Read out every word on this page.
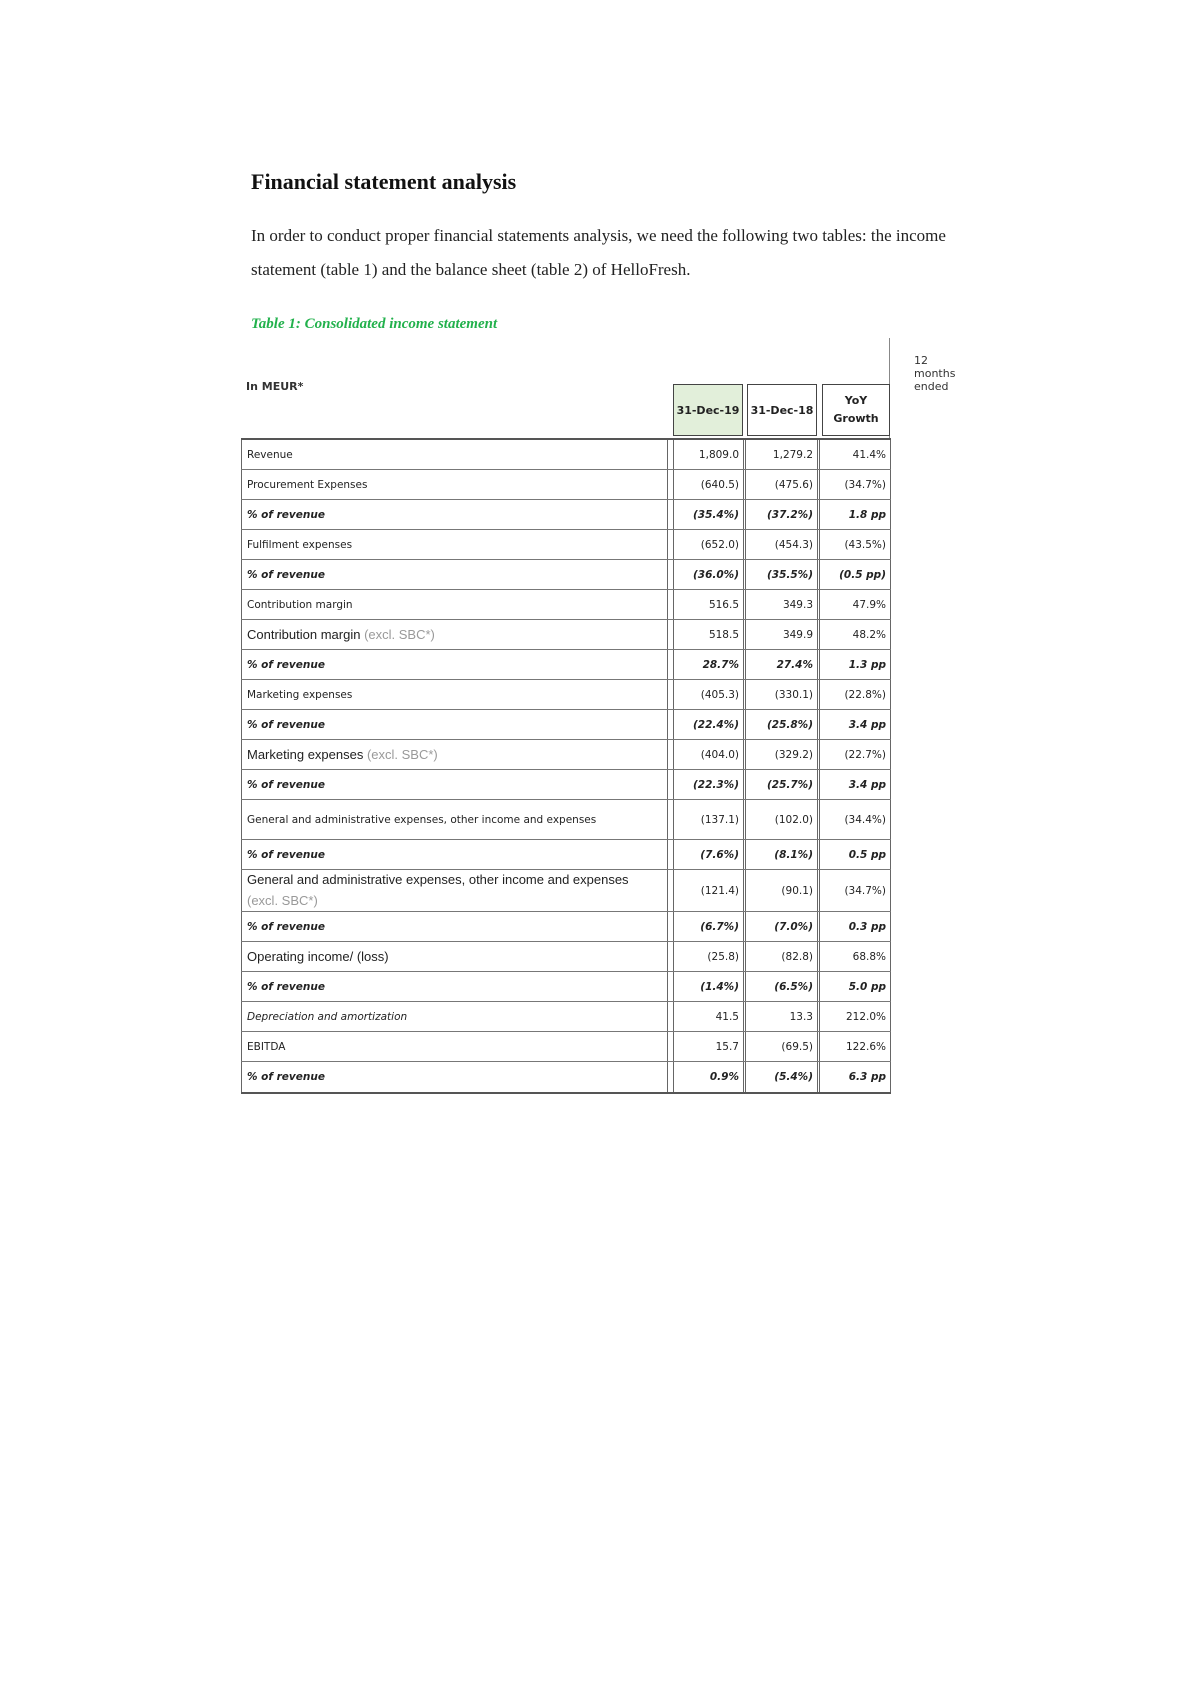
Financial statement analysis
In order to conduct proper financial statements analysis, we need the following two tables: the income statement (table 1) and the balance sheet (table 2) of HelloFresh.
Table 1: Consolidated income statement
12 months ended
In MEUR*
31-Dec-19	31-Dec-18
YoY
Growth
Revenue	1,809.0	1,279.2	41.4%
Procurement Expenses	(640.5)	(475.6)	(34.7%)
% of revenue	(35.4%)	(37.2%)	1.8 pp
Fulfilment expenses	(652.0)	(454.3)	(43.5%)
% of revenue	(36.0%)	(35.5%)	(0.5 pp)
Contribution margin	516.5	349.3	47.9%
Contribution margin
(excl. SBC*)	518.5	349.9	48.2%
% of revenue	28.7%	27.4%	1.3 pp
Marketing expenses	(405.3)	(330.1)	(22.8%)
% of revenue	(22.4%)	(25.8%)	3.4 pp
Marketing expenses
(excl. SBC*)	(404.0)	(329.2)	(22.7%)
% of revenue	(22.3%)	(25.7%)	3.4 pp
General and administrative expenses, other income and expenses	(137.1)	(102.0)	(34.4%)
% of revenue	(7.6%)	(8.1%)	0.5 pp
General and administrative expenses, other income and expenses
(excl. SBC*)
(121.4)	(90.1)	(34.7%)
% of revenue	(6.7%)	(7.0%)	0.3 pp
Operating income/ (loss)	(25.8)	(82.8)	68.8%
% of revenue	(1.4%)	(6.5%)	5.0 pp
Depreciation and amortization	41.5	13.3	212.0%
EBITDA	15.7	(69.5)	122.6%
% of revenue	0.9%	(5.4%)	6.3 pp
